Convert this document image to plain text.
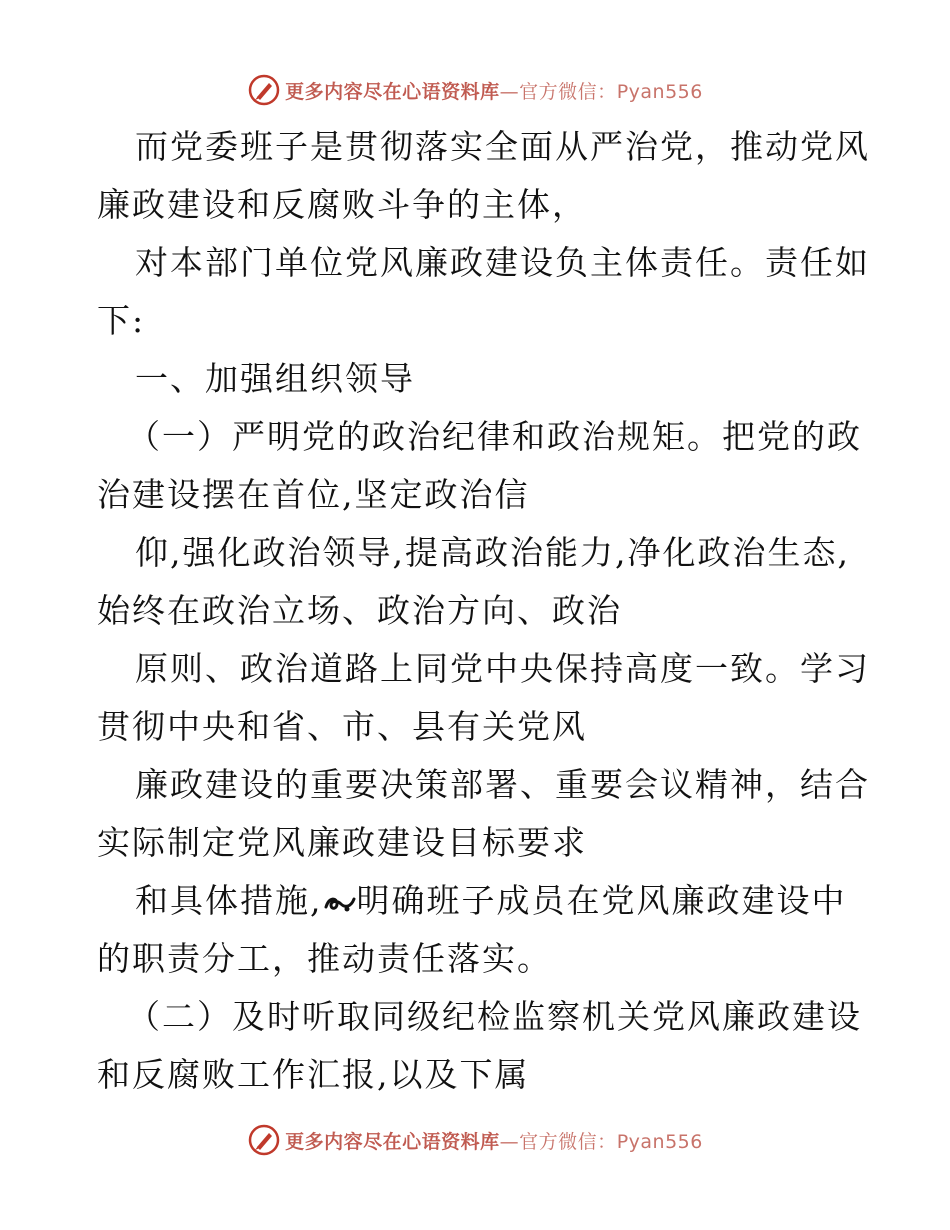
更多内容尽在心语资料库—官方微信：Pyan556
而党委班子是贯彻落实全面从严治党，推动党风
廉政建设和反腐败斗争的主体，
对本部门单位党风廉政建设负主体责任。责任如
下:
一、加强组织领导
（一）严明党的政治纪律和政治规矩。把党的政
治建设摆在首位,坚定政治信
仰,强化政治领导,提高政治能力,净化政治生态,
始终在政治立场、政治方向、政治
原则、政治道路上同党中央保持高度一致。学习
贯彻中央和省、市、县有关党风
廉政建设的重要决策部署、重要会议精神，结合
实际制定党风廉政建设目标要求
和具体措施, 明确班子成员在党风廉政建设中
的职责分工，推动责任落实。
（二）及时听取同级纪检监察机关党风廉政建设
和反腐败工作汇报,以及下属
更多内容尽在心语资料库—官方微信：Pyan556
